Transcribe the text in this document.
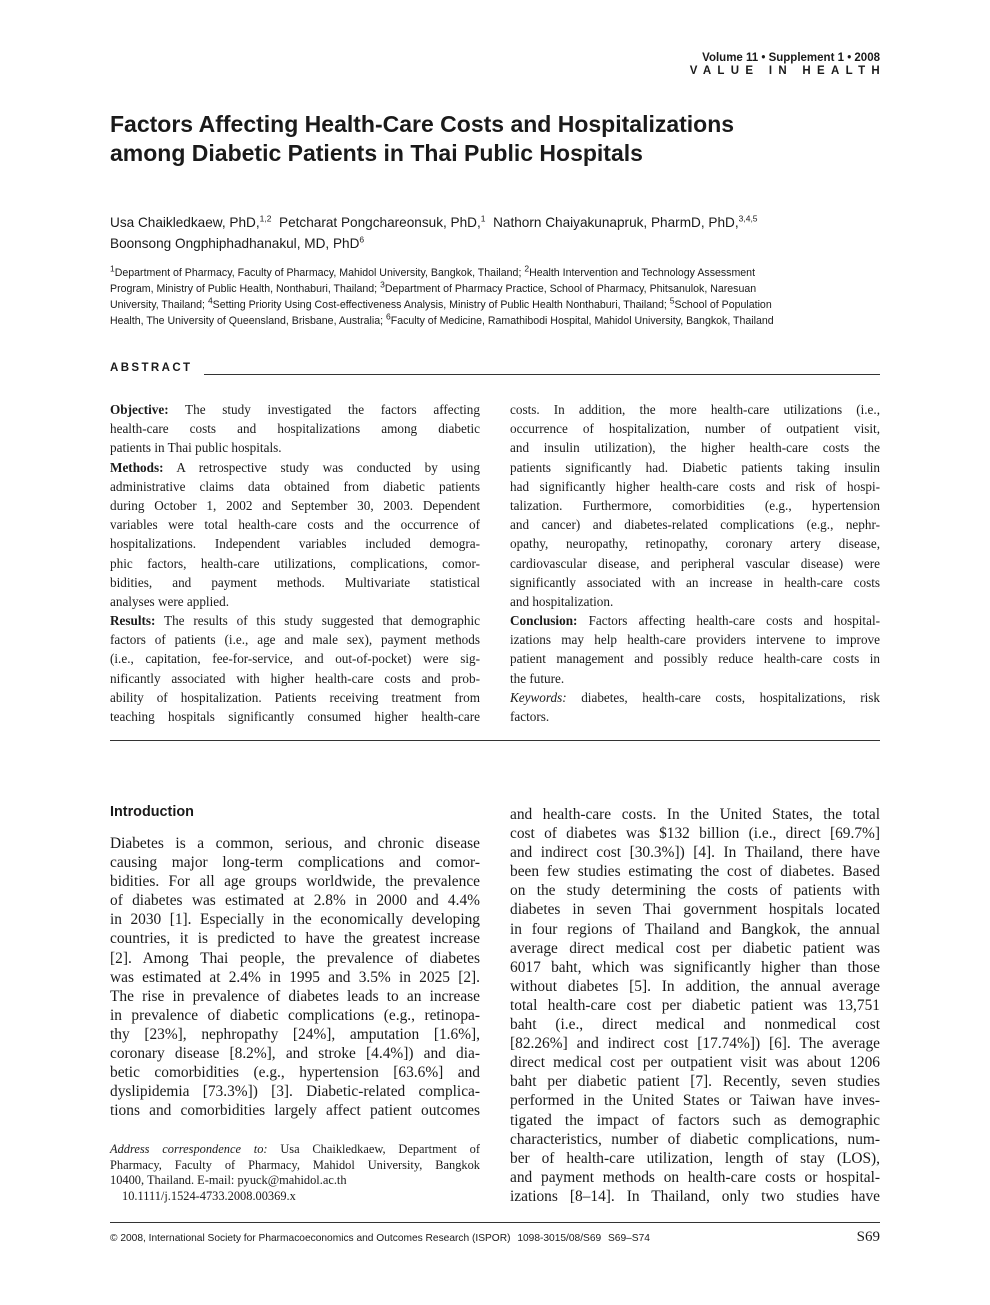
Volume 11 • Supplement 1 • 2008
VALUE IN HEALTH
Factors Affecting Health-Care Costs and Hospitalizations
among Diabetic Patients in Thai Public Hospitals
Usa Chaikledkaew, PhD,$^{1,2}$ Petcharat Pongchareonsuk, PhD,$^1$ Nathorn Chaiyakunapruk, PharmD, PhD,$^{3,4,5}$
Boonsong Ongphiphadhanakul, MD, PhD$^6$
$^1$Department of Pharmacy, Faculty of Pharmacy, Mahidol University, Bangkok, Thailand; $^2$Health Intervention and Technology Assessment
Program, Ministry of Public Health, Nonthaburi, Thailand; $^3$Department of Pharmacy Practice, School of Pharmacy, Phitsanulok, Naresuan
University, Thailand; $^4$Setting Priority Using Cost-effectiveness Analysis, Ministry of Public Health Nonthaburi, Thailand; $^5$School of Population
Health, The University of Queensland, Brisbane, Australia; $^6$Faculty of Medicine, Ramathibodi Hospital, Mahidol University, Bangkok, Thailand
ABSTRACT
Objective: The study investigated the factors affecting
health-care costs and hospitalizations among diabetic
patients in Thai public hospitals.
Methods: A retrospective study was conducted by using
administrative claims data obtained from diabetic patients
during October 1, 2002 and September 30, 2003. Dependent
variables were total health-care costs and the occurrence of
hospitalizations. Independent variables included demogra-
phic factors, health-care utilizations, complications, comor-
bidities, and payment methods. Multivariate statistical
analyses were applied.
Results: The results of this study suggested that demographic
factors of patients (i.e., age and male sex), payment methods
(i.e., capitation, fee-for-service, and out-of-pocket) were sig-
nificantly associated with higher health-care costs and prob-
ability of hospitalization. Patients receiving treatment from
teaching hospitals significantly consumed higher health-care
costs. In addition, the more health-care utilizations (i.e.,
occurrence of hospitalization, number of outpatient visit,
and insulin utilization), the higher health-care costs the
patients significantly had. Diabetic patients taking insulin
had significantly higher health-care costs and risk of hospi-
talization. Furthermore, comorbidities (e.g., hypertension
and cancer) and diabetes-related complications (e.g., nephr-
opathy, neuropathy, retinopathy, coronary artery disease,
cardiovascular disease, and peripheral vascular disease) were
significantly associated with an increase in health-care costs
and hospitalization.
Conclusion: Factors affecting health-care costs and hospital-
izations may help health-care providers intervene to improve
patient management and possibly reduce health-care costs in
the future.
Keywords: diabetes, health-care costs, hospitalizations, risk
factors.
Introduction
Diabetes is a common, serious, and chronic disease
causing major long-term complications and comor-
bidities. For all age groups worldwide, the prevalence
of diabetes was estimated at 2.8% in 2000 and 4.4%
in 2030 [1]. Especially in the economically developing
countries, it is predicted to have the greatest increase
[2]. Among Thai people, the prevalence of diabetes
was estimated at 2.4% in 1995 and 3.5% in 2025 [2].
The rise in prevalence of diabetes leads to an increase
in prevalence of diabetic complications (e.g., retinopa-
thy [23%], nephropathy [24%], amputation [1.6%],
coronary disease [8.2%], and stroke [4.4%]) and dia-
betic comorbidities (e.g., hypertension [63.6%] and
dyslipidemia [73.3%]) [3]. Diabetic-related complica-
tions and comorbidities largely affect patient outcomes
and health-care costs. In the United States, the total
cost of diabetes was $132 billion (i.e., direct [69.7%]
and indirect cost [30.3%]) [4]. In Thailand, there have
been few studies estimating the cost of diabetes. Based
on the study determining the costs of patients with
diabetes in seven Thai government hospitals located
in four regions of Thailand and Bangkok, the annual
average direct medical cost per diabetic patient was
6017 baht, which was significantly higher than those
without diabetes [5]. In addition, the annual average
total health-care cost per diabetic patient was 13,751
baht (i.e., direct medical and nonmedical cost
[82.26%] and indirect cost [17.74%]) [6]. The average
direct medical cost per outpatient visit was about 1206
baht per diabetic patient [7]. Recently, seven studies
performed in the United States or Taiwan have inves-
tigated the impact of factors such as demographic
characteristics, number of diabetic complications, num-
ber of health-care utilization, length of stay (LOS),
and payment methods on health-care costs or hospital-
izations [8–14]. In Thailand, only two studies have
Address correspondence to: Usa Chaikledkaew, Department of
Pharmacy, Faculty of Pharmacy, Mahidol University, Bangkok
10400, Thailand. E-mail: pyuck@mahidol.ac.th
10.1111/j.1524-4733.2008.00369.x
© 2008, International Society for Pharmacoeconomics and Outcomes Research (ISPOR) 1098-3015/08/S69 S69–S74	S69
